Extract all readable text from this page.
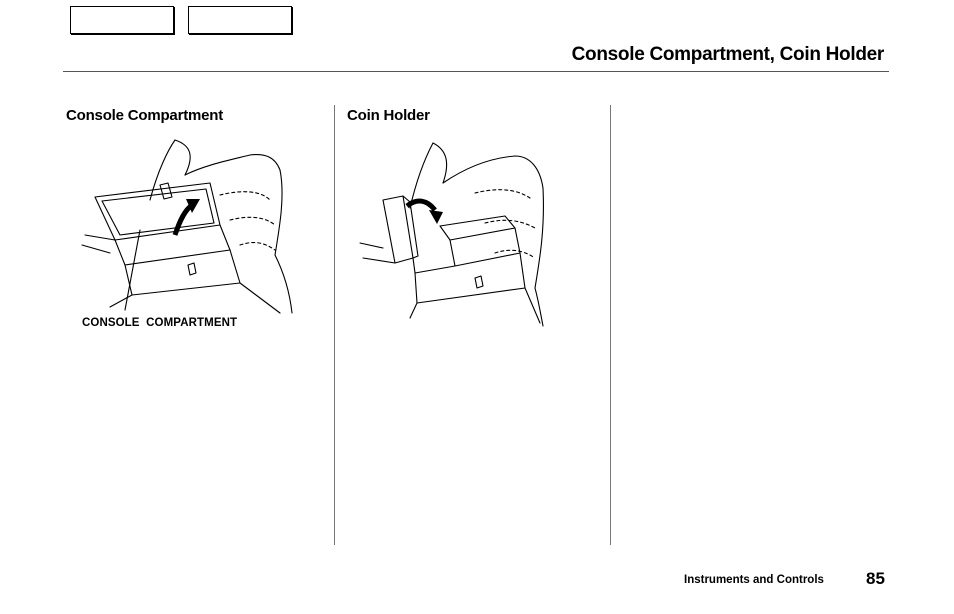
Console Compartment, Coin Holder
Console Compartment	Coin Holder
CONSOLE  COMPARTMENT
Instruments and Controls 85
